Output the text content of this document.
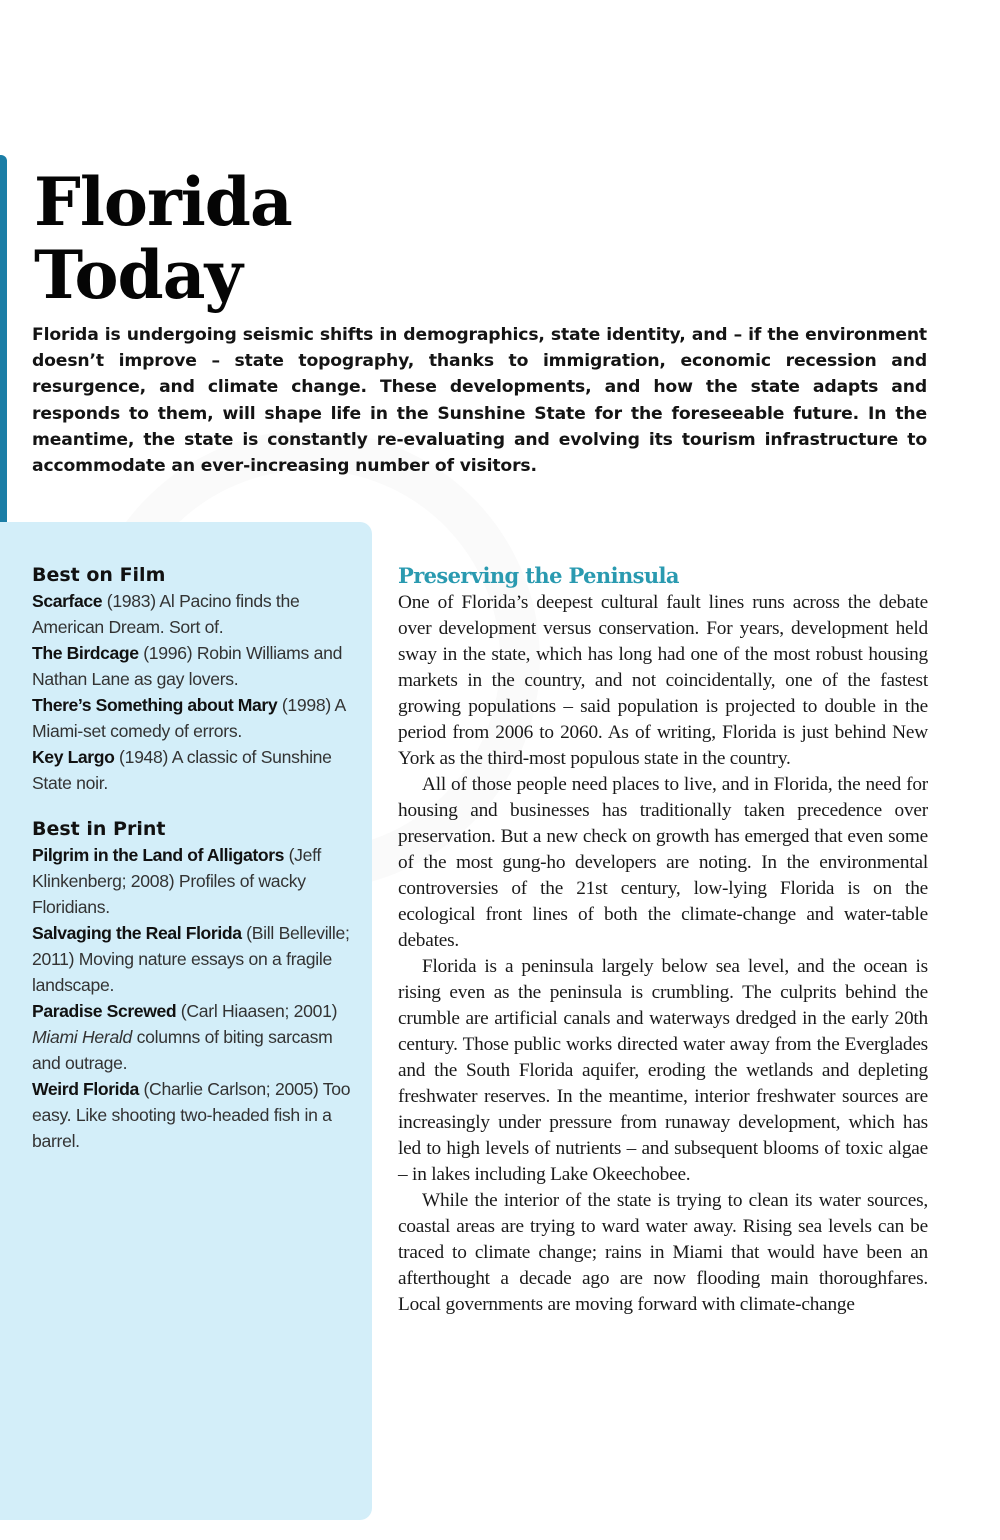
Florida
Today

Florida is undergoing seismic shifts in demographics, state identity, and – if the environment doesn’t improve – state topography, thanks to immigration, economic recession and resurgence, and climate change. These developments, and how the state adapts and responds to them, will shape life in the Sunshine State for the foreseeable future. In the meantime, the state is constantly re-evaluating and evolving its tourism infrastructure to accommodate an ever-increasing number of visitors.

Best on Film
Scarface (1983) Al Pacino finds the American Dream. Sort of.
The Birdcage (1996) Robin Williams and Nathan Lane as gay lovers.
There’s Something about Mary (1998) A Miami-set comedy of errors.
Key Largo (1948) A classic of Sunshine State noir.
Best in Print
Pilgrim in the Land of Alligators (Jeff Klinkenberg; 2008) Profiles of wacky Floridians.
Salvaging the Real Florida (Bill Belleville; 2011) Moving nature essays on a fragile landscape.
Paradise Screwed (Carl Hiaasen; 2001) Miami Herald columns of biting sarcasm and outrage.
Weird Florida (Charlie Carlson; 2005) Too easy. Like shooting two-headed fish in a barrel.
Preserving the Peninsula

One of Florida’s deepest cultural fault lines runs across the debate over development versus conservation. For years, development held sway in the state, which has long had one of the most robust housing markets in the country, and not coincidentally, one of the fastest growing populations – said population is projected to double in the period from 2006 to 2060. As of writing, Florida is just behind New York as the third-most populous state in the country.

All of those people need places to live, and in Florida, the need for housing and businesses has traditionally taken precedence over preservation. But a new check on growth has emerged that even some of the most gung-ho developers are noting. In the environmental controversies of the 21st century, low-lying Florida is on the ecological front lines of both the climate-change and water-table debates.

Florida is a peninsula largely below sea level, and the ocean is rising even as the peninsula is crumbling. The culprits behind the crumble are artificial canals and waterways dredged in the early 20th century. Those public works directed water away from the Everglades and the South Florida aquifer, eroding the wetlands and depleting freshwater reserves. In the meantime, interior freshwater sources are increasingly under pressure from runaway development, which has led to high levels of nutrients – and subsequent blooms of toxic algae – in lakes including Lake Okeechobee.

While the interior of the state is trying to clean its water sources, coastal areas are trying to ward water away. Rising sea levels can be traced to climate change; rains in Miami that would have been an afterthought a decade ago are now flooding main thoroughfares. Local governments are moving forward with climate-change
